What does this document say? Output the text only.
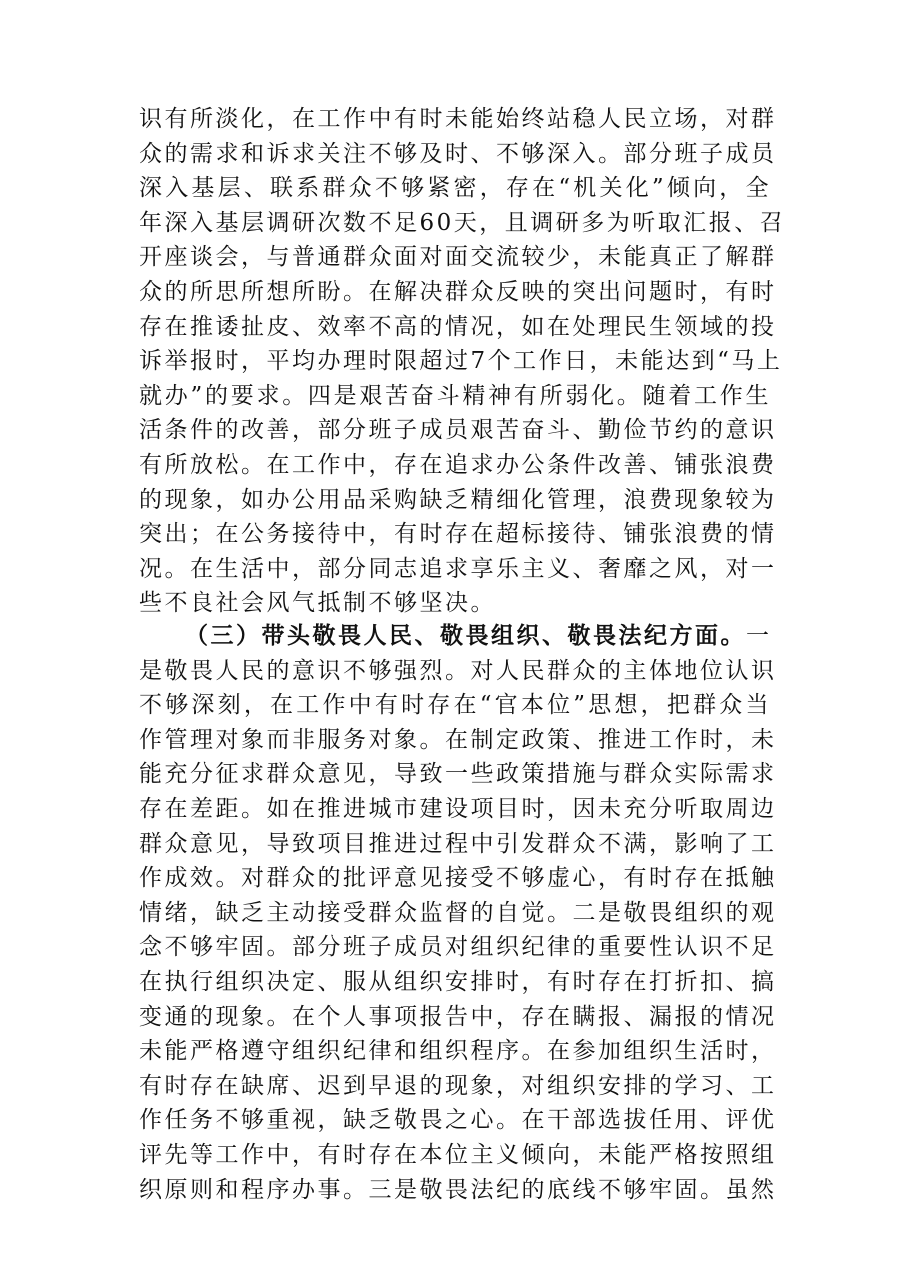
识有所淡化，在工作中有时未能始终站稳人民立场，对群
众的需求和诉求关注不够及时、不够深入。部分班子成员
深入基层、联系群众不够紧密，存在“机关化”倾向，全
年深入基层调研次数不足60天，且调研多为听取汇报、召
开座谈会，与普通群众面对面交流较少，未能真正了解群
众的所思所想所盼。在解决群众反映的突出问题时，有时
存在推诿扯皮、效率不高的情况，如在处理民生领域的投
诉举报时，平均办理时限超过7个工作日，未能达到“马上
就办”的要求。四是艰苦奋斗精神有所弱化。随着工作生
活条件的改善，部分班子成员艰苦奋斗、勤俭节约的意识
有所放松。在工作中，存在追求办公条件改善、铺张浪费
的现象，如办公用品采购缺乏精细化管理，浪费现象较为
突出；在公务接待中，有时存在超标接待、铺张浪费的情
况。在生活中，部分同志追求享乐主义、奢靡之风，对一
些不良社会风气抵制不够坚决。
（三）带头敬畏人民、敬畏组织、敬畏法纪方面。一
是敬畏人民的意识不够强烈。对人民群众的主体地位认识
不够深刻，在工作中有时存在“官本位”思想，把群众当
作管理对象而非服务对象。在制定政策、推进工作时，未
能充分征求群众意见，导致一些政策措施与群众实际需求
存在差距。如在推进城市建设项目时，因未充分听取周边
群众意见，导致项目推进过程中引发群众不满，影响了工
作成效。对群众的批评意见接受不够虚心，有时存在抵触
情绪，缺乏主动接受群众监督的自觉。二是敬畏组织的观
念不够牢固。部分班子成员对组织纪律的重要性认识不足
在执行组织决定、服从组织安排时，有时存在打折扣、搞
变通的现象。在个人事项报告中，存在瞒报、漏报的情况
未能严格遵守组织纪律和组织程序。在参加组织生活时，
有时存在缺席、迟到早退的现象，对组织安排的学习、工
作任务不够重视，缺乏敬畏之心。在干部选拔任用、评优
评先等工作中，有时存在本位主义倾向，未能严格按照组
织原则和程序办事。三是敬畏法纪的底线不够牢固。虽然
